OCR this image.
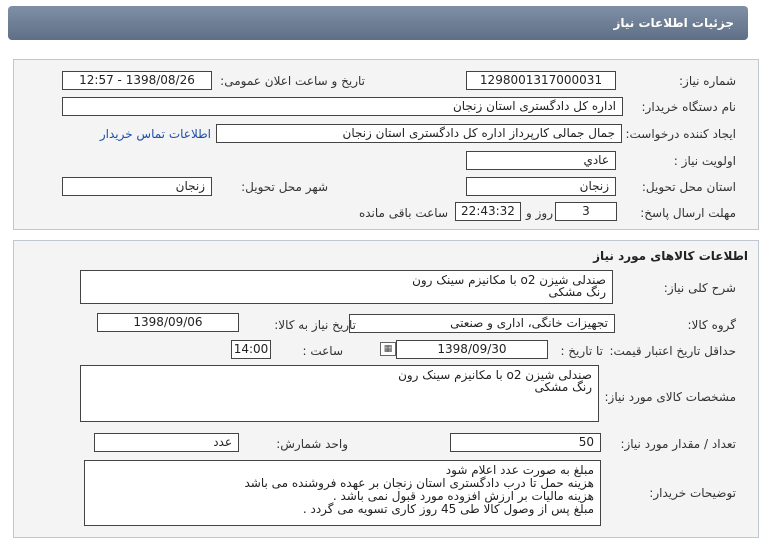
جزئیات اطلاعات نیاز
شماره نیاز:
1298001317000031
تاریخ و ساعت اعلان عمومی:
1398/08/26 - 12:57
نام دستگاه خریدار:
اداره کل دادگستری استان زنجان
ایجاد کننده درخواست:
جمال جمالی کارپرداز اداره کل دادگستری استان زنجان
اطلاعات تماس خریدار
اولویت نیاز :
عادي
استان محل تحویل:
زنجان
شهر محل تحویل:
زنجان
مهلت ارسال پاسخ:
3
روز و
22:43:32
ساعت باقی مانده
اطلاعات کالاهای مورد نیاز
شرح کلی نیاز:
صندلی شیزن o2 با مکانیزم سینک رون
رنگ مشکی
گروه کالا:
تجهیزات خانگی، اداری و صنعتی
تاریخ نیاز به کالا:
1398/09/06
حداقل تاریخ اعتبار قیمت:
تا تاریخ :
1398/09/30
▦
ساعت :
14:00
مشخصات کالای مورد نیاز:
صندلی شیزن o2 با مکانیزم سینک رون
رنگ مشکی
تعداد / مقدار مورد نیاز:
50
واحد شمارش:
عدد
توضیحات خریدار:
مبلغ به صورت عدد اعلام شود
هزینه حمل تا درب دادگستری استان زنجان بر عهده فروشنده می باشد
هزینه مالیات بر ارزش افزوده مورد قبول نمی باشد .
مبلغ پس از وصول کالا طی 45 روز کاری تسویه می گردد .
